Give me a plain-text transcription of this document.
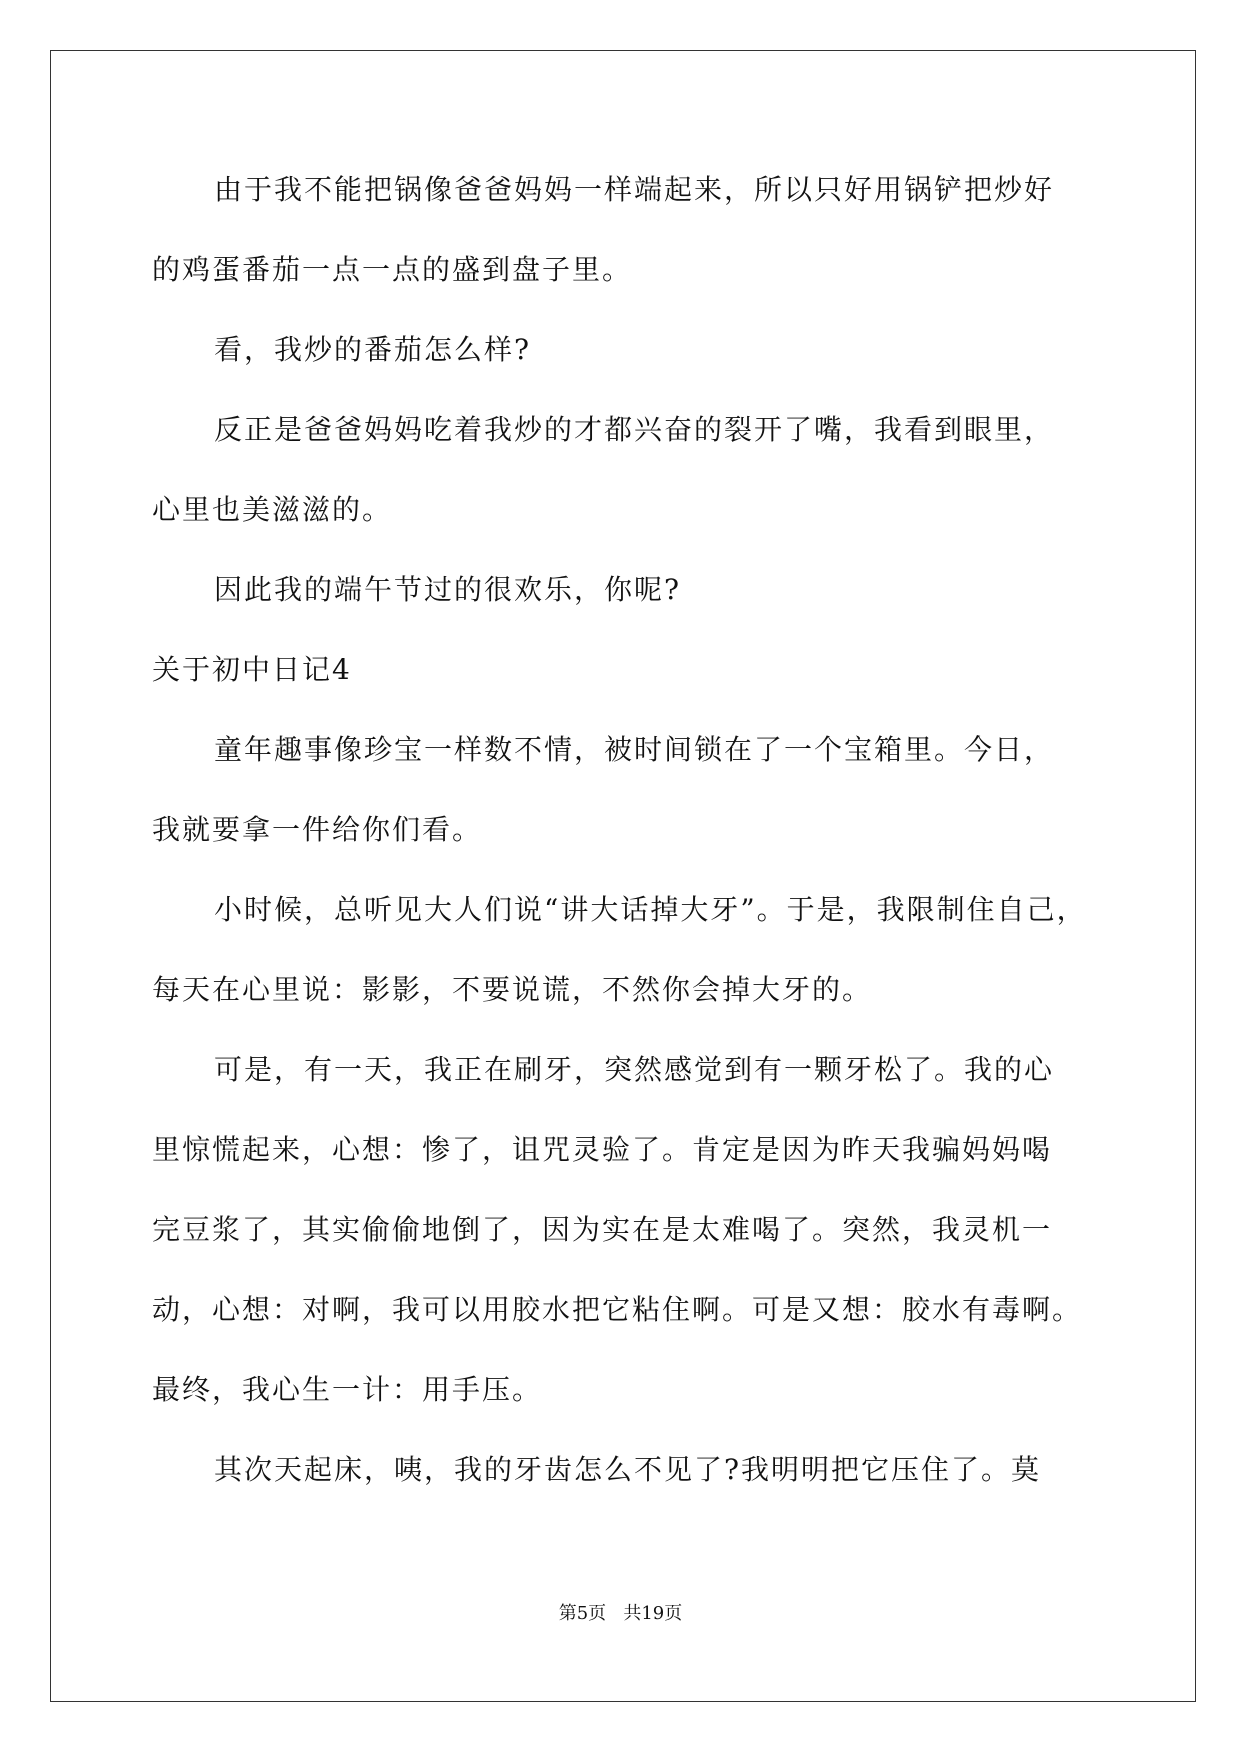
由于我不能把锅像爸爸妈妈一样端起来，所以只好用锅铲把炒好
的鸡蛋番茄一点一点的盛到盘子里。
看，我炒的番茄怎么样?
反正是爸爸妈妈吃着我炒的才都兴奋的裂开了嘴，我看到眼里，
心里也美滋滋的。
因此我的端午节过的很欢乐，你呢?
关于初中日记4
童年趣事像珍宝一样数不情，被时间锁在了一个宝箱里。今日，
我就要拿一件给你们看。
小时候，总听见大人们说“讲大话掉大牙”。于是，我限制住自己，
每天在心里说：影影，不要说谎，不然你会掉大牙的。
可是，有一天，我正在刷牙，突然感觉到有一颗牙松了。我的心
里惊慌起来，心想：惨了，诅咒灵验了。肯定是因为昨天我骗妈妈喝
完豆浆了，其实偷偷地倒了，因为实在是太难喝了。突然，我灵机一
动，心想：对啊，我可以用胶水把它粘住啊。可是又想：胶水有毒啊。
最终，我心生一计：用手压。
其次天起床，咦，我的牙齿怎么不见了?我明明把它压住了。莫
第5页 共19页
